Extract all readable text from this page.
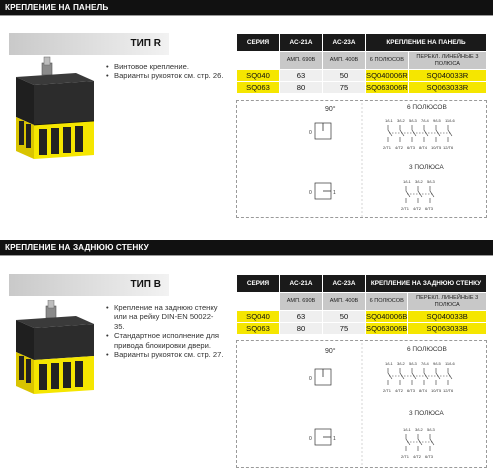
КРЕПЛЕНИЕ НА ПАНЕЛЬ
ТИП R
• Винтовое крепление.
• Варианты рукояток см. стр. 26.
СЕРИЯ	АС-21А	АС-23А	КРЕПЛЕНИЕ НА ПАНЕЛЬ	
	АМП. 690В	АМП. 400В	6 ПОЛЮСОВ	ПЕРЕКЛ. ЛИНЕЙНЫЕ 3 ПОЛЮСА
SQ040	63	50	SQ040006R	SQ040033R
SQ063	80	75	SQ063006R	SQ063033R
90°
0
0	1
6 ПОЛЮСОВ
1/L1 3/L2 5/L3 7/L4 9/L5 11/L6
2/T1 4/T2 6/T3 8/T4 10/T5 12/T6
3 ПОЛЮСА
1/L1 3/L2 5/L3
2/T1 4/T2 6/T3
КРЕПЛЕНИЕ НА ЗАДНЮЮ СТЕНКУ
ТИП B
• Крепление на заднюю стенку или на рейку DIN-EN 50022-35.
• Стандартное исполнение для привода блокировки двери.
• Варианты рукояток см. стр. 27.
СЕРИЯ	АС-21А	АС-23А	КРЕПЛЕНИЕ НА ЗАДНЮЮ СТЕНКУ	
	АМП. 690В	АМП. 400В	6 ПОЛЮСОВ	ПЕРЕКЛ. ЛИНЕЙНЫЕ 3 ПОЛЮСА
SQ040	63	50	SQ040006B	SQ040033B
SQ063	80	75	SQ063006B	SQ063033B
90°
0
0	1
6 ПОЛЮСОВ
1/L1 3/L2 5/L3 7/L4 9/L5 11/L6
2/T1 4/T2 6/T3 8/T4 10/T5 12/T6
3 ПОЛЮСА
1/L1 3/L2 5/L3
2/T1 4/T2 6/T3
